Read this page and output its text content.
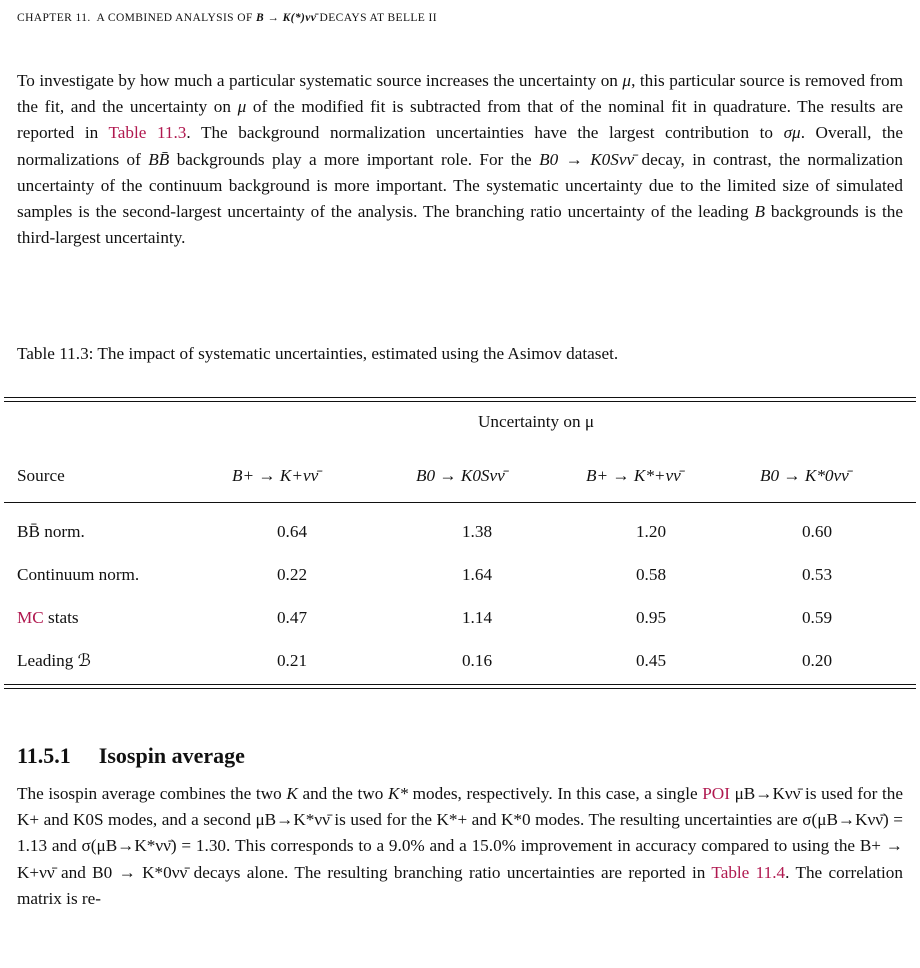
CHAPTER 11. A COMBINED ANALYSIS OF B → K(*)νν̄ DECAYS AT BELLE II
To investigate by how much a particular systematic source increases the uncertainty on μ, this particular source is removed from the fit, and the uncertainty on μ of the modified fit is subtracted from that of the nominal fit in quadrature. The results are reported in Table 11.3. The background normalization uncertainties have the largest contribution to σμ. Overall, the normalizations of BB̄ backgrounds play a more important role. For the B0 → K0Sνν̄ decay, in contrast, the normalization uncertainty of the continuum background is more important. The systematic uncertainty due to the limited size of simulated samples is the second-largest uncertainty of the analysis. The branching ratio uncertainty of the leading B backgrounds is the third-largest uncertainty.
Table 11.3: The impact of systematic uncertainties, estimated using the Asimov dataset.
Uncertainty on μ
Source	B+ → K+νν̄	B0 → K0Sνν̄	B+ → K*+νν̄	B0 → K*0νν̄
BB̄ norm.	0.64	1.38	1.20	0.60
Continuum norm.	0.22	1.64	0.58	0.53
MC stats	0.47	1.14	0.95	0.59
Leading ℬ	0.21	0.16	0.45	0.20
11.5.1 Isospin average
The isospin average combines the two K and the two K* modes, respectively. In this case, a single POI μB→Kνν̄ is used for the K+ and K0S modes, and a second μB→K*νν̄ is used for the K*+ and K*0 modes. The resulting uncertainties are σ(μB→Kνν̄) = 1.13 and σ(μB→K*νν̄) = 1.30. This corresponds to a 9.0% and a 15.0% improvement in accuracy compared to using the B+ → K+νν̄ and B0 → K*0νν̄ decays alone. The resulting branching ratio uncertainties are reported in Table 11.4. The correlation matrix is re-
